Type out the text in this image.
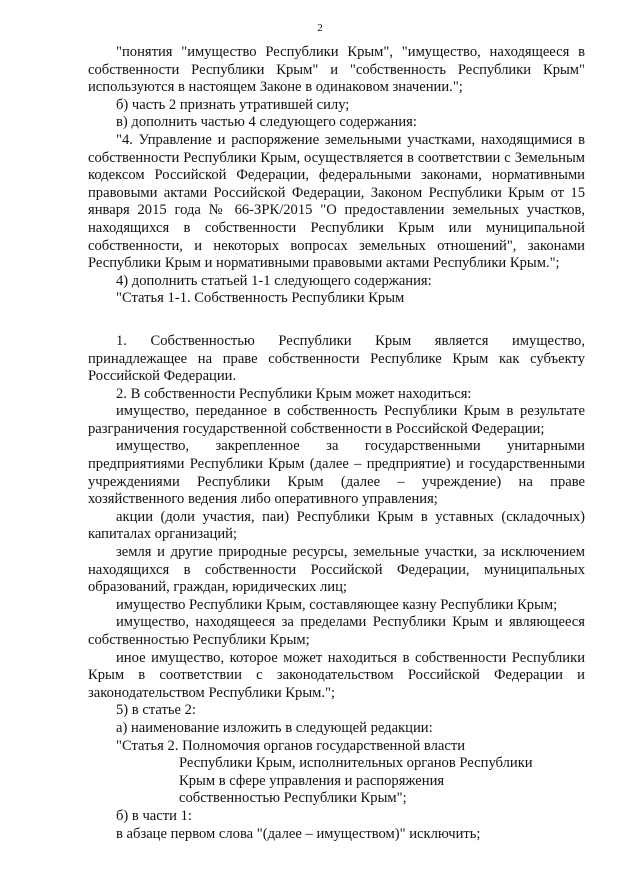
2

"понятия "имущество Республики Крым", "имущество, находящееся в собственности Республики Крым" и "собственность Республики Крым" используются в настоящем Законе в одинаковом значении.";

б) часть 2 признать утратившей силу;

в) дополнить частью 4 следующего содержания:

"4. Управление и распоряжение земельными участками, находящимися в собственности Республики Крым, осуществляется в соответствии с Земельным кодексом Российской Федерации, федеральными законами, нормативными правовыми актами Российской Федерации, Законом Республики Крым от 15 января 2015 года № 66-ЗРК/2015 "О предоставлении земельных участков, находящихся в собственности Республики Крым или муниципальной собственности, и некоторых вопросах земельных отношений", законами Республики Крым и нормативными правовыми актами Республики Крым.";

4) дополнить статьей 1-1 следующего содержания:

"Статья 1-1. Собственность Республики Крым

1. Собственностью Республики Крым является имущество, принадлежащее на праве собственности Республике Крым как субъекту Российской Федерации.

2. В собственности Республики Крым может находиться:

имущество, переданное в собственность Республики Крым в результате разграничения государственной собственности в Российской Федерации;

имущество, закрепленное за государственными унитарными предприятиями Республики Крым (далее – предприятие) и государственными учреждениями Республики Крым (далее – учреждение) на праве хозяйственного ведения либо оперативного управления;

акции (доли участия, паи) Республики Крым в уставных (складочных) капиталах организаций;

земля и другие природные ресурсы, земельные участки, за исключением находящихся в собственности Российской Федерации, муниципальных образований, граждан, юридических лиц;

имущество Республики Крым, составляющее казну Республики Крым;

имущество, находящееся за пределами Республики Крым и являющееся собственностью Республики Крым;

иное имущество, которое может находиться в собственности Республики Крым в соответствии с законодательством Российской Федерации и законодательством Республики Крым.";

5) в статье 2:

а) наименование изложить в следующей редакции:

"Статья 2. Полномочия органов государственной власти Республики Крым, исполнительных органов Республики Крым в сфере управления и распоряжения собственностью Республики Крым";

б) в части 1:

в абзаце первом слова "(далее – имуществом)" исключить;
